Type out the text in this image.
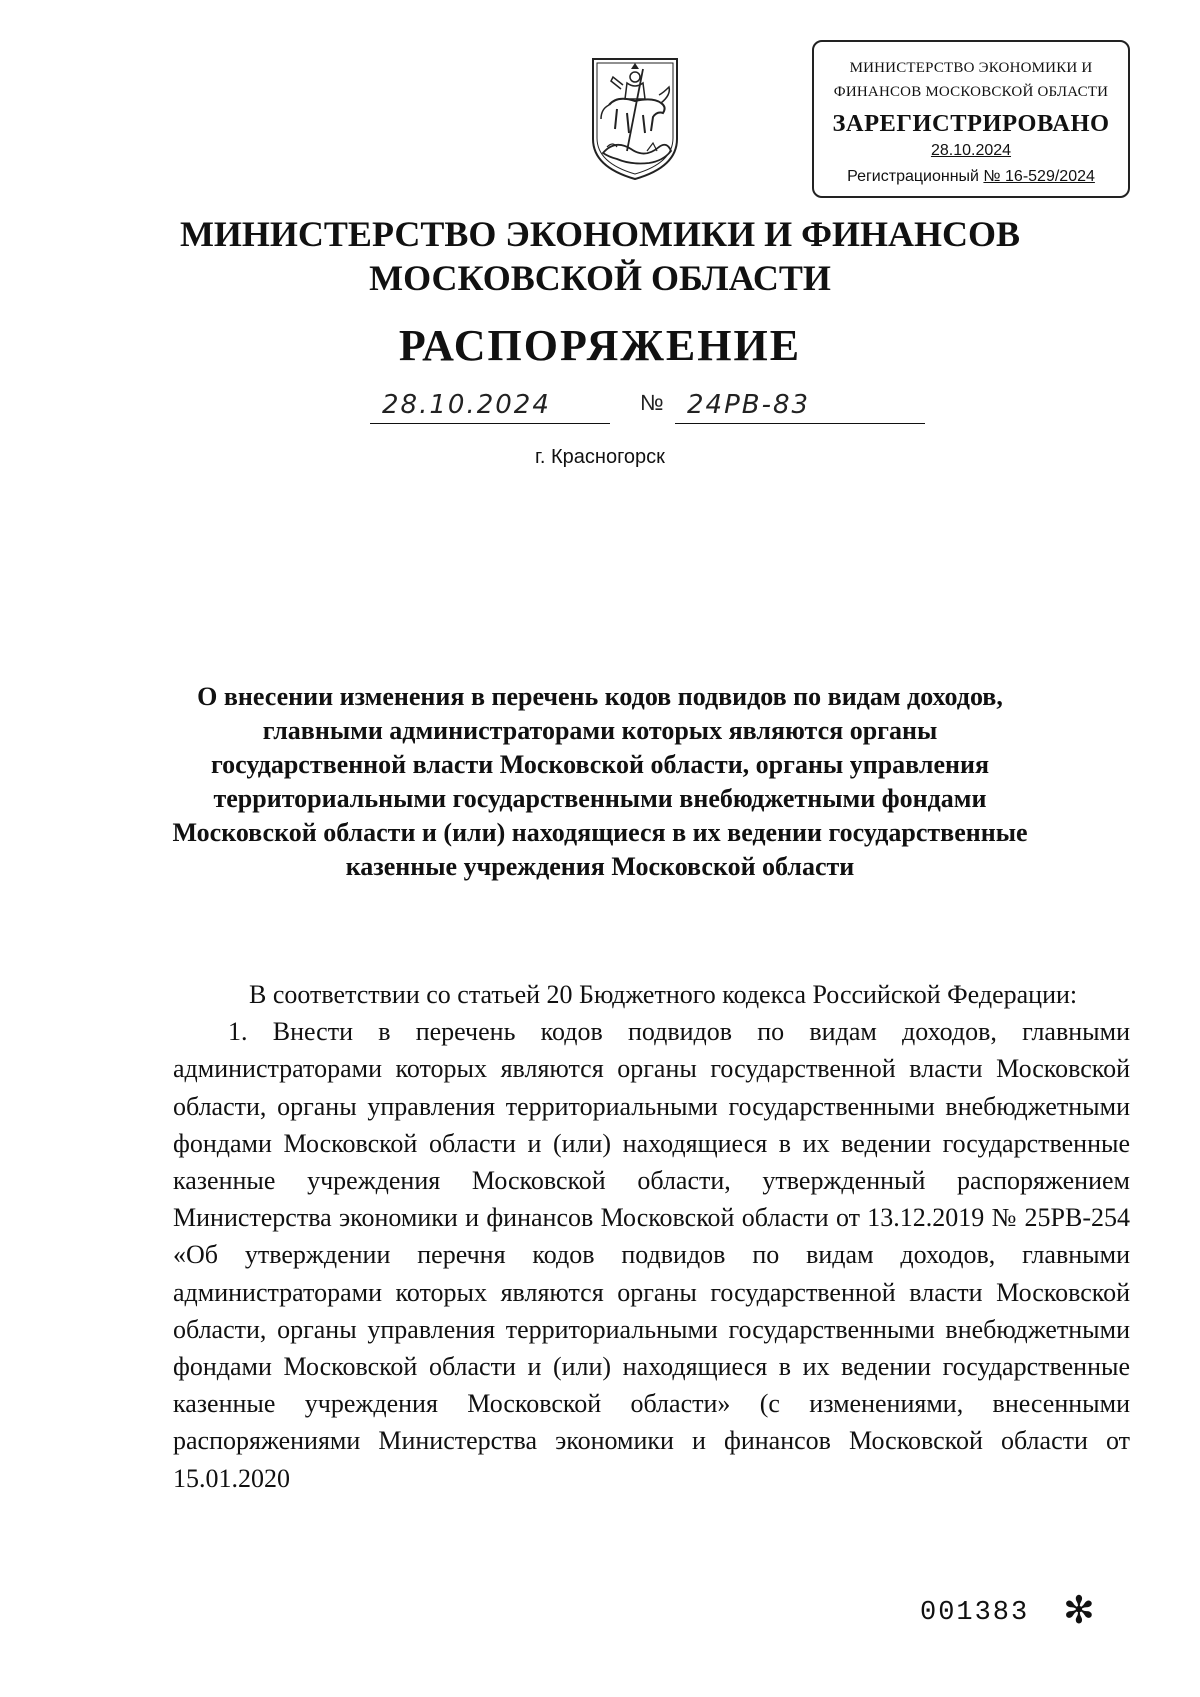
МИНИСТЕРСТВО ЭКОНОМИКИ И
ФИНАНСОВ МОСКОВСКОЙ ОБЛАСТИ
ЗАРЕГИСТРИРОВАНО
28.10.2024
Регистрационный № 16-529/2024
МИНИСТЕРСТВО ЭКОНОМИКИ И ФИНАНСОВ
МОСКОВСКОЙ ОБЛАСТИ
РАСПОРЯЖЕНИЕ
28.10.2024	№ 24РВ-83
г. Красногорск
О внесении изменения в перечень кодов подвидов по видам доходов, главными администраторами которых являются органы государственной власти Московской области, органы управления территориальными государственными внебюджетными фондами Московской области и (или) находящиеся в их ведении государственные казенные учреждения Московской области

В соответствии со статьей 20 Бюджетного кодекса Российской Федерации:

1. Внести в перечень кодов подвидов по видам доходов, главными администраторами которых являются органы государственной власти Московской области, органы управления территориальными государственными внебюджетными фондами Московской области и (или) находящиеся в их ведении государственные казенные учреждения Московской области, утвержденный распоряжением Министерства экономики и финансов Московской области от 13.12.2019 № 25РВ-254 «Об утверждении перечня кодов подвидов по видам доходов, главными администраторами которых являются органы государственной власти Московской области, органы управления территориальными государственными внебюджетными фондами Московской области и (или) находящиеся в их ведении государственные казенные учреждения Московской области» (с изменениями, внесенными распоряжениями Министерства экономики и финансов Московской области от 15.01.2020

001383 ✻
